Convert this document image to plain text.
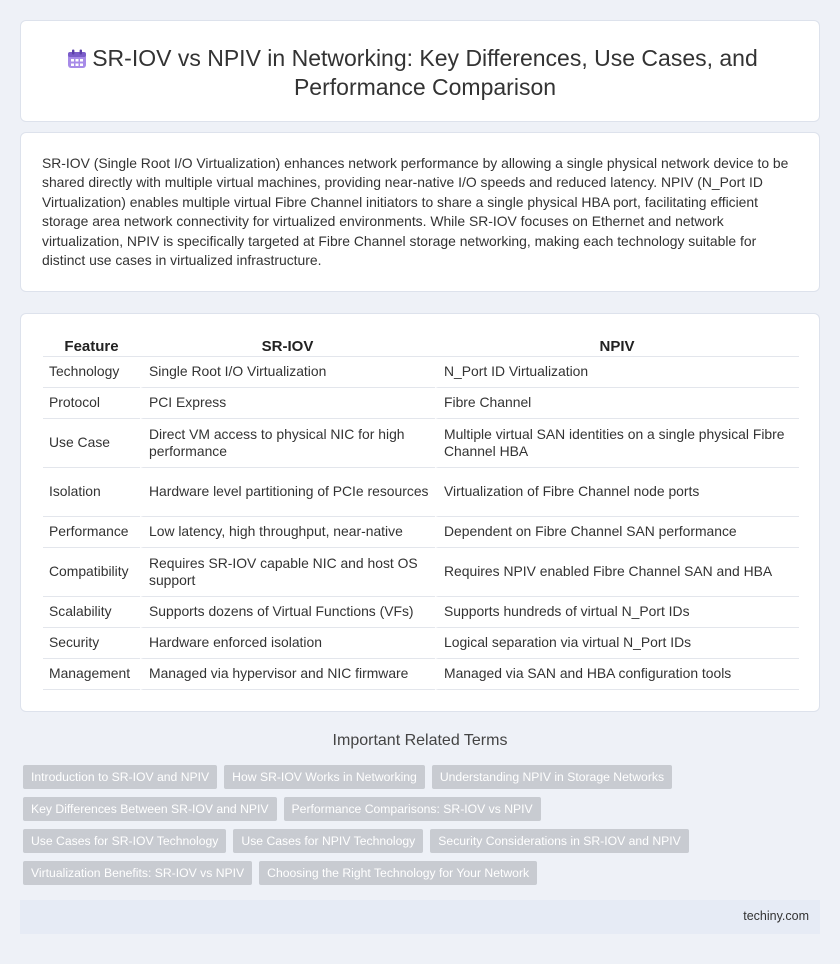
SR-IOV vs NPIV in Networking: Key Differences, Use Cases, and Performance Comparison

SR-IOV (Single Root I/O Virtualization) enhances network performance by allowing a single physical network device to be shared directly with multiple virtual machines, providing near-native I/O speeds and reduced latency. NPIV (N_Port ID Virtualization) enables multiple virtual Fibre Channel initiators to share a single physical HBA port, facilitating efficient storage area network connectivity for virtualized environments. While SR-IOV focuses on Ethernet and network virtualization, NPIV is specifically targeted at Fibre Channel storage networking, making each technology suitable for distinct use cases in virtualized infrastructure.

Feature	SR-IOV	NPIV
Technology	Single Root I/O Virtualization	N_Port ID Virtualization
Protocol	PCI Express	Fibre Channel
Use Case	Direct VM access to physical NIC for high performance	Multiple virtual SAN identities on a single physical Fibre Channel HBA
Isolation	Hardware level partitioning of PCIe resources	Virtualization of Fibre Channel node ports
Performance	Low latency, high throughput, near-native	Dependent on Fibre Channel SAN performance
Compatibility	Requires SR-IOV capable NIC and host OS support	Requires NPIV enabled Fibre Channel SAN and HBA
Scalability	Supports dozens of Virtual Functions (VFs)	Supports hundreds of virtual N_Port IDs
Security	Hardware enforced isolation	Logical separation via virtual N_Port IDs
Management	Managed via hypervisor and NIC firmware	Managed via SAN and HBA configuration tools
Important Related Terms
Introduction to SR-IOV and NPIV	How SR-IOV Works in Networking	Understanding NPIV in Storage Networks
Key Differences Between SR-IOV and NPIV	Performance Comparisons: SR-IOV vs NPIV
Use Cases for SR-IOV Technology	Use Cases for NPIV Technology	Security Considerations in SR-IOV and NPIV
Virtualization Benefits: SR-IOV vs NPIV	Choosing the Right Technology for Your Network
techiny.com
